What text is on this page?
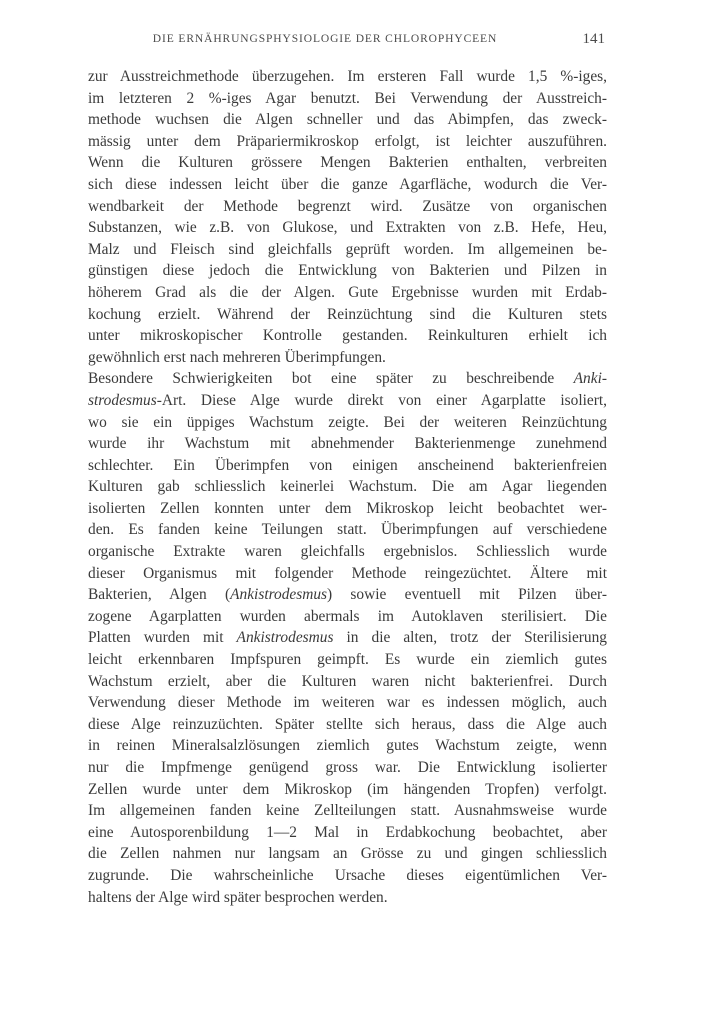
DIE ERNÄHRUNGSPHYSIOLOGIE DER CHLOROPHYCEEN	141
zur Ausstreichmethode überzugehen. Im ersteren Fall wurde 1,5 %-iges,
im letzteren 2 %-iges Agar benutzt. Bei Verwendung der Ausstreich-
methode wuchsen die Algen schneller und das Abimpfen, das zweck-
mässig unter dem Präpariermikroskop erfolgt, ist leichter auszuführen.
Wenn die Kulturen grössere Mengen Bakterien enthalten, verbreiten
sich diese indessen leicht über die ganze Agarfläche, wodurch die Ver-
wendbarkeit der Methode begrenzt wird. Zusätze von organischen
Substanzen, wie z.B. von Glukose, und Extrakten von z.B. Hefe, Heu,
Malz und Fleisch sind gleichfalls geprüft worden. Im allgemeinen be-
günstigen diese jedoch die Entwicklung von Bakterien und Pilzen in
höherem Grad als die der Algen. Gute Ergebnisse wurden mit Erdab-
kochung erzielt. Während der Reinzüchtung sind die Kulturen stets
unter mikroskopischer Kontrolle gestanden. Reinkulturen erhielt ich
gewöhnlich erst nach mehreren Überimpfungen.
Besondere Schwierigkeiten bot eine später zu beschreibende Anki-
strodesmus-Art. Diese Alge wurde direkt von einer Agarplatte isoliert,
wo sie ein üppiges Wachstum zeigte. Bei der weiteren Reinzüchtung
wurde ihr Wachstum mit abnehmender Bakterienmenge zunehmend
schlechter. Ein Überimpfen von einigen anscheinend bakterienfreien
Kulturen gab schliesslich keinerlei Wachstum. Die am Agar liegenden
isolierten Zellen konnten unter dem Mikroskop leicht beobachtet wer-
den. Es fanden keine Teilungen statt. Überimpfungen auf verschiedene
organische Extrakte waren gleichfalls ergebnislos. Schliesslich wurde
dieser Organismus mit folgender Methode reingezüchtet. Ältere mit
Bakterien, Algen (Ankistrodesmus) sowie eventuell mit Pilzen über-
zogene Agarplatten wurden abermals im Autoklaven sterilisiert. Die
Platten wurden mit Ankistrodesmus in die alten, trotz der Sterilisierung
leicht erkennbaren Impfspuren geimpft. Es wurde ein ziemlich gutes
Wachstum erzielt, aber die Kulturen waren nicht bakterienfrei. Durch
Verwendung dieser Methode im weiteren war es indessen möglich, auch
diese Alge reinzuzüchten. Später stellte sich heraus, dass die Alge auch
in reinen Mineralsalzlösungen ziemlich gutes Wachstum zeigte, wenn
nur die Impfmenge genügend gross war. Die Entwicklung isolierter
Zellen wurde unter dem Mikroskop (im hängenden Tropfen) verfolgt.
Im allgemeinen fanden keine Zellteilungen statt. Ausnahmsweise wurde
eine Autosporenbildung 1—2 Mal in Erdabkochung beobachtet, aber
die Zellen nahmen nur langsam an Grösse zu und gingen schliesslich
zugrunde. Die wahrscheinliche Ursache dieses eigentümlichen Ver-
haltens der Alge wird später besprochen werden.
